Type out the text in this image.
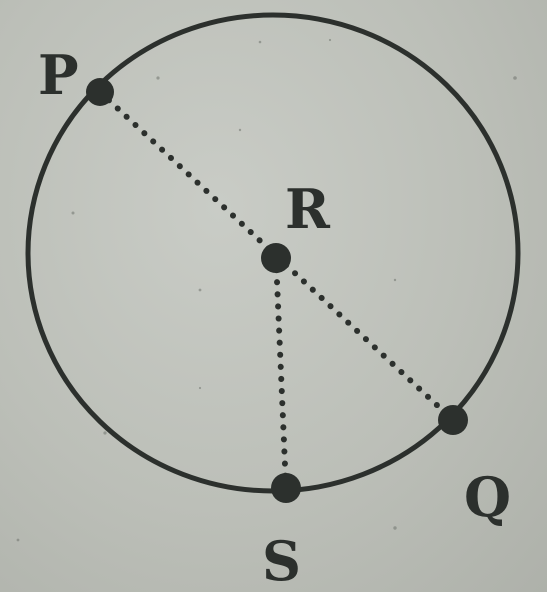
P
R
Q
S
